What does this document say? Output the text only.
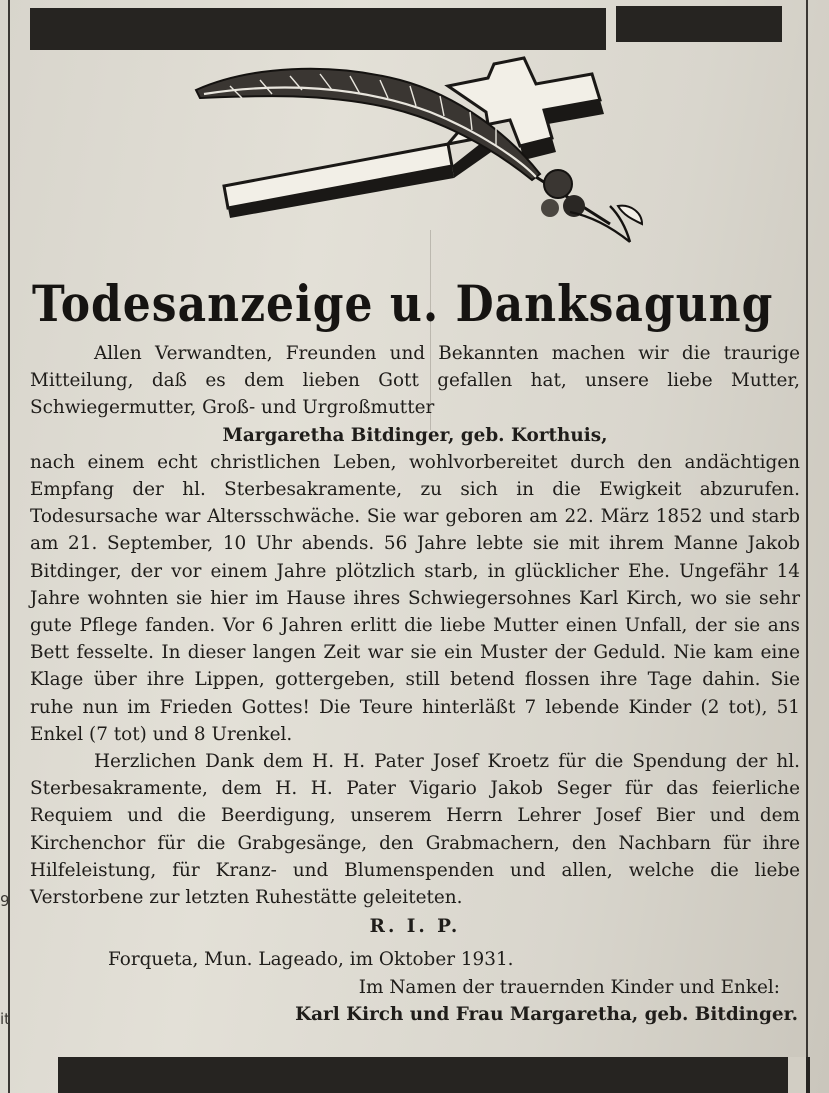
9
it
Todesanzeige u. Danksagung

Allen Verwandten, Freunden und Bekannten machen wir die traurige Mitteilung, daß es dem lieben Gott gefallen hat, unsere liebe Mutter, Schwiegermutter, Groß- und Urgroßmutter

Margaretha Bitdinger, geb. Korthuis,

nach einem echt christlichen Leben, wohlvorbereitet durch den andächtigen Empfang der hl. Sterbesakramente, zu sich in die Ewigkeit abzurufen. Todesursache war Altersschwäche. Sie war geboren am 22. März 1852 und starb am 21. September, 10 Uhr abends. 56 Jahre lebte sie mit ihrem Manne Jakob Bitdinger, der vor einem Jahre plötzlich starb, in glücklicher Ehe. Ungefähr 14 Jahre wohnten sie hier im Hause ihres Schwiegersohnes Karl Kirch, wo sie sehr gute Pflege fanden. Vor 6 Jahren erlitt die liebe Mutter einen Unfall, der sie ans Bett fesselte. In dieser langen Zeit war sie ein Muster der Geduld. Nie kam eine Klage über ihre Lippen, gottergeben, still betend flossen ihre Tage dahin. Sie ruhe nun im Frieden Gottes! Die Teure hinterläßt 7 lebende Kinder (2 tot), 51 Enkel (7 tot) und 8 Urenkel.

Herzlichen Dank dem H. H. Pater Josef Kroetz für die Spendung der hl. Sterbesakramente, dem H. H. Pater Vigario Jakob Seger für das feierliche Requiem und die Beerdigung, unserem Herrn Lehrer Josef Bier und dem Kirchenchor für die Grabgesänge, den Grabmachern, den Nachbarn für ihre Hilfeleistung, für Kranz- und Blumenspenden und allen, welche die liebe Verstorbene zur letzten Ruhestätte geleiteten.

R. I. P.

Forqueta, Mun. Lageado, im Oktober 1931.

Im Namen der trauernden Kinder und Enkel:

Karl Kirch und Frau Margaretha, geb. Bitdinger.
